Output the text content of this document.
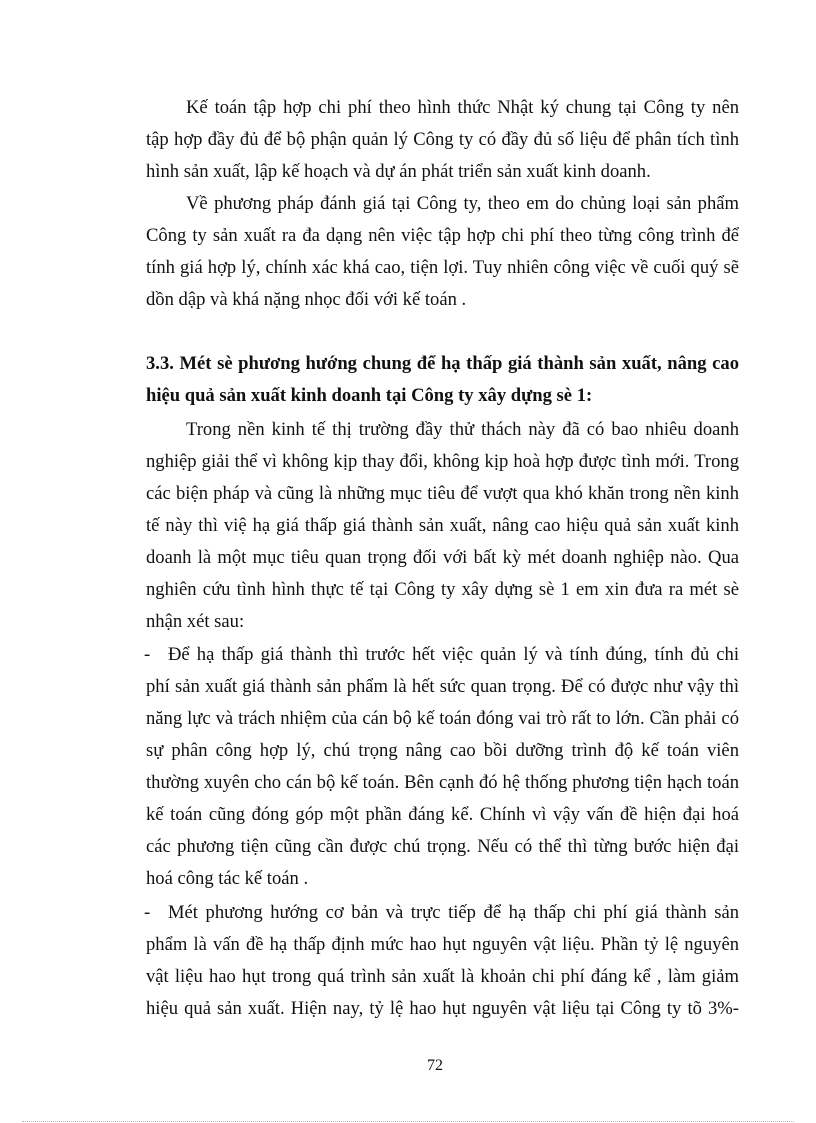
Kế toán tập hợp chi phí theo hình thức Nhật ký chung tại Công ty nên
tập hợp đầy đủ để bộ phận quản lý Công ty có đầy đủ số liệu để phân tích tình
hình sản xuất, lập kế hoạch và dự án phát triển sản xuất kinh doanh.
Về phương pháp đánh giá tại Công ty, theo em do chủng loại sản phẩm
Công ty sản xuất ra đa dạng nên việc tập hợp chi phí theo từng công trình để
tính giá hợp lý, chính xác khá cao, tiện lợi. Tuy nhiên công việc về cuối quý sẽ
dồn dập và khá nặng nhọc đối với kế toán .
3.3. Mét sè phương hướng chung để hạ thấp giá thành sản xuất, nâng cao
hiệu quả sản xuất kinh doanh tại Công ty xây dựng sè 1:
Trong nền kinh tế thị trường đầy thử thách này đã có bao nhiêu doanh
nghiệp giải thể vì không kịp thay đổi, không kịp hoà hợp được tình mới. Trong
các biện pháp và cũng là những mục tiêu để vượt qua khó khăn trong nền kinh
tế này thì việ hạ giá thấp giá thành sản xuất, nâng cao hiệu quả sản xuất kinh
doanh là một mục tiêu quan trọng đối với bất kỳ mét doanh nghiệp nào. Qua
nghiên cứu tình hình thực tế tại Công ty xây dựng sè 1 em xin đưa ra mét sè
nhận xét sau:
- Để hạ thấp giá thành thì trước hết việc quản lý và tính đúng, tính đủ chi
phí sản xuất giá thành sản phẩm là hết sức quan trọng. Để có được như vậy thì
năng lực và trách nhiệm của cán bộ kế toán đóng vai trò rất to lớn. Cần phải có
sự phân công hợp lý, chú trọng nâng cao bồi dưỡng trình độ kế toán viên
thường xuyên cho cán bộ kế toán. Bên cạnh đó hệ thống phương tiện hạch toán
kế toán cũng đóng góp một phần đáng kể. Chính vì vậy vấn đề hiện đại hoá
các phương tiện cũng cần được chú trọng. Nếu có thể thì từng bước hiện đại
hoá công tác kế toán .
- Mét phương hướng cơ bản và trực tiếp để hạ thấp chi phí giá thành sản
phẩm là vấn đề hạ thấp định mức hao hụt nguyên vật liệu. Phần tỷ lệ nguyên
vật liệu hao hụt trong quá trình sản xuất là khoản chi phí đáng kể , làm giảm
hiệu quả sản xuất. Hiện nay, tỷ lệ hao hụt nguyên vật liệu tại Công ty tõ 3%-
72
